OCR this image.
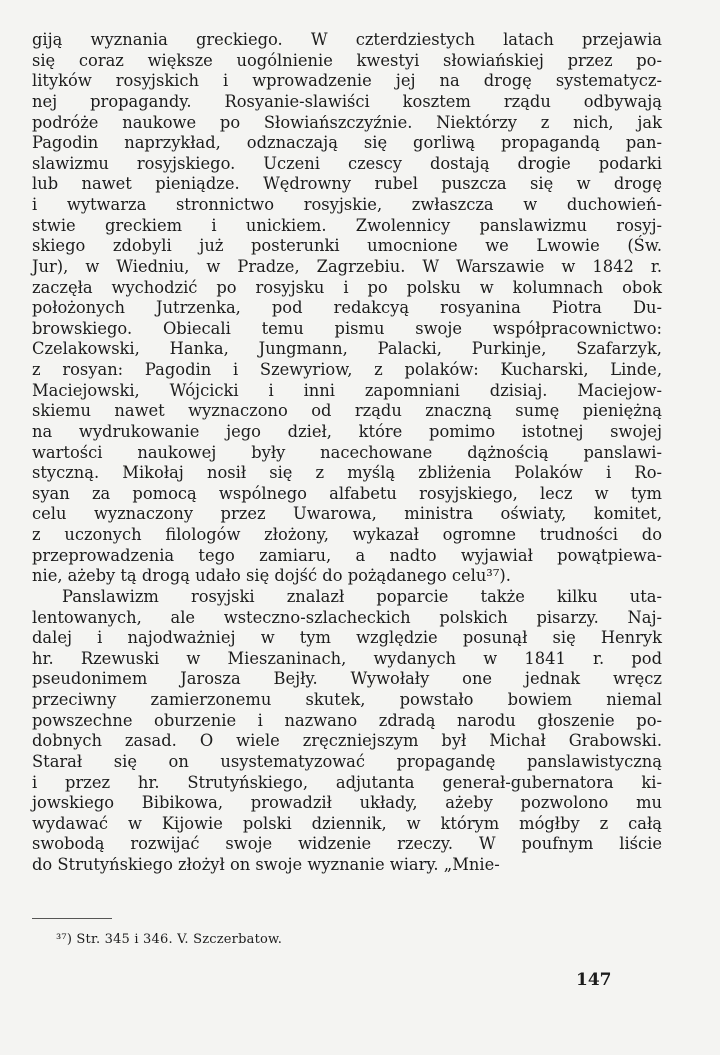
giją wyznania greckiego. W czterdziestych latach przejawia
się coraz większe uogólnienie kwestyi słowiańskiej przez po-
lityków rosyjskich i wprowadzenie jej na drogę systematycz-
nej propagandy. Rosyanie-slawiści kosztem rządu odbywają
podróże naukowe po Słowiańszczyźnie. Niektórzy z nich, jak
Pagodin naprzykład, odznaczają się gorliwą propagandą pan-
slawizmu rosyjskiego. Uczeni czescy dostają drogie podarki
lub nawet pieniądze. Wędrowny rubel puszcza się w drogę
i wytwarza stronnictwo rosyjskie, zwłaszcza w duchowień-
stwie greckiem i unickiem. Zwolennicy panslawizmu rosyj-
skiego zdobyli już posterunki umocnione we Lwowie (Św.
Jur), w Wiedniu, w Pradze, Zagrzebiu. W Warszawie w 1842 r.
zaczęła wychodzić po rosyjsku i po polsku w kolumnach obok
położonych Jutrzenka, pod redakcyą rosyanina Piotra Du-
browskiego. Obiecali temu pismu swoje współpracownictwo:
Czelakowski, Hanka, Jungmann, Palacki, Purkinje, Szafarzyk,
z rosyan: Pagodin i Szewyriow, z polaków: Kucharski, Linde,
Maciejowski, Wójcicki i inni zapomniani dzisiaj. Maciejow-
skiemu nawet wyznaczono od rządu znaczną sumę pieniężną
na wydrukowanie jego dzieł, które pomimo istotnej swojej
wartości naukowej były nacechowane dążnością panslawi-
styczną. Mikołaj nosił się z myślą zbliżenia Polaków i Ro-
syan za pomocą wspólnego alfabetu rosyjskiego, lecz w tym
celu wyznaczony przez Uwarowa, ministra oświaty, komitet,
z uczonych filologów złożony, wykazał ogromne trudności do
przeprowadzenia tego zamiaru, a nadto wyjawiał powątpiewa-
nie, ażeby tą drogą udało się dojść do pożądanego celu³⁷).
Panslawizm rosyjski znalazł poparcie także kilku uta-
lentowanych, ale wsteczno-szlacheckich polskich pisarzy. Naj-
dalej i najodważniej w tym względzie posunął się Henryk
hr. Rzewuski w Mieszaninach, wydanych w 1841 r. pod
pseudonimem Jarosza Bejły. Wywołały one jednak wręcz
przeciwny zamierzonemu skutek, powstało bowiem niemal
powszechne oburzenie i nazwano zdradą narodu głoszenie po-
dobnych zasad. O wiele zręczniejszym był Michał Grabowski.
Starał się on usystematyzować propagandę panslawistyczną
i przez hr. Strutyńskiego, adjutanta generał-gubernatora ki-
jowskiego Bibikowa, prowadził układy, ażeby pozwolono mu
wydawać w Kijowie polski dziennik, w którym mógłby z całą
swobodą rozwijać swoje widzenie rzeczy. W poufnym liście
do Strutyńskiego złożył on swoje wyznanie wiary. „Mnie-
³⁷) Str. 345 i 346. V. Szczerbatow.
147
